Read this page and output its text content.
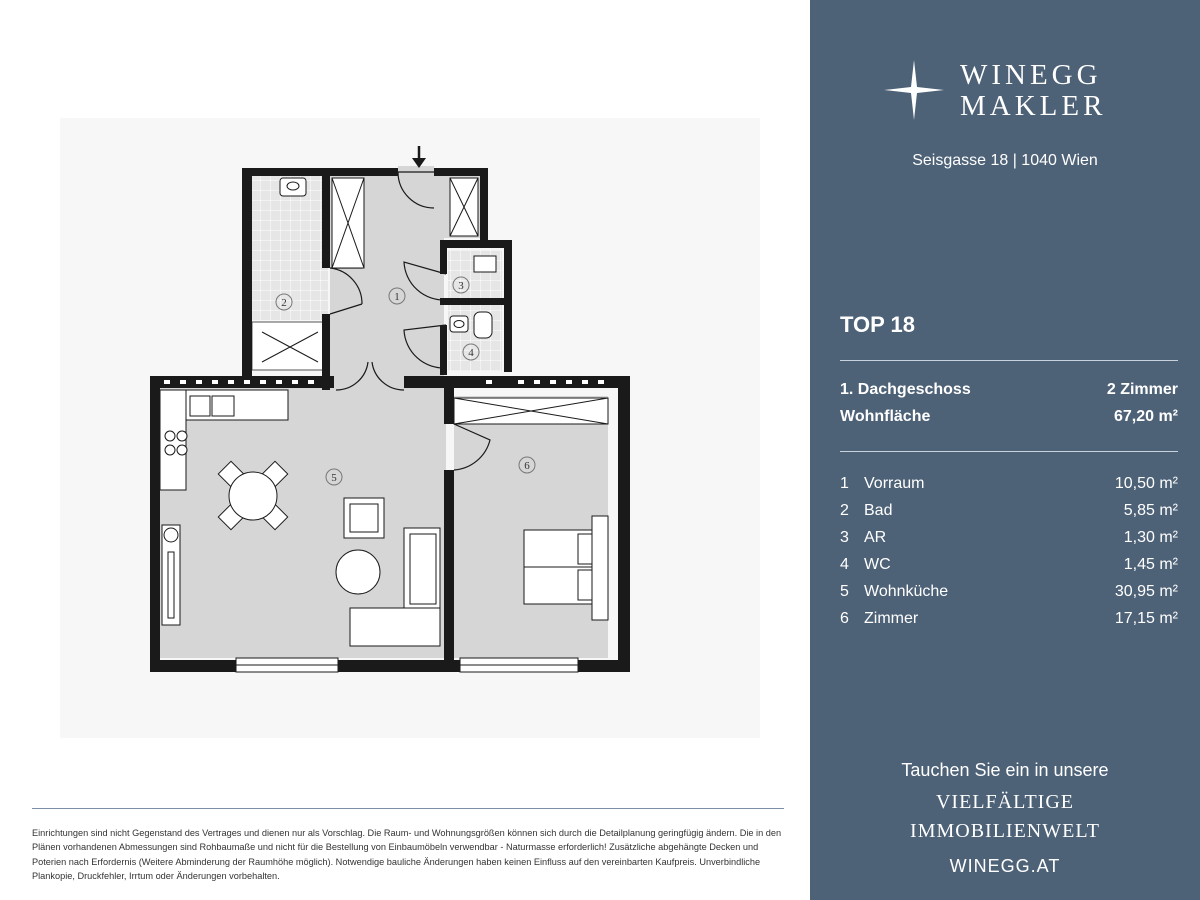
1
2
3
4
5
6

Einrichtungen sind nicht Gegenstand des Vertrages und dienen nur als Vorschlag. Die Raum- und Wohnungsgrößen können sich durch die Detailplanung geringfügig ändern. Die in den Plänen vorhandenen Abmessungen sind Rohbaumaße und nicht für die Bestellung von Einbaumöbeln verwendbar - Naturmasse erforderlich! Zusätzliche abgehängte Decken und Poterien nach Erfordernis (Weitere Abminderung der Raumhöhe möglich). Notwendige bauliche Änderungen haben keinen Einfluss auf den vereinbarten Kaufpreis. Unverbindliche Plankopie, Druckfehler, Irrtum oder Änderungen vorbehalten.

WINEGG
MAKLER
Seisgasse 18 | 1040 Wien
TOP 18
1. Dachgeschoss	2 Zimmer
Wohnfläche	67,20 m²
1 Vorraum	10,50 m²
2 Bad	5,85 m²
3 AR	1,30 m²
4 WC	1,45 m²
5 Wohnküche	30,95 m²
6 Zimmer	17,15 m²
Tauchen Sie ein in unsere
VIELFÄLTIGE
IMMOBILIENWELT
WINEGG.AT
